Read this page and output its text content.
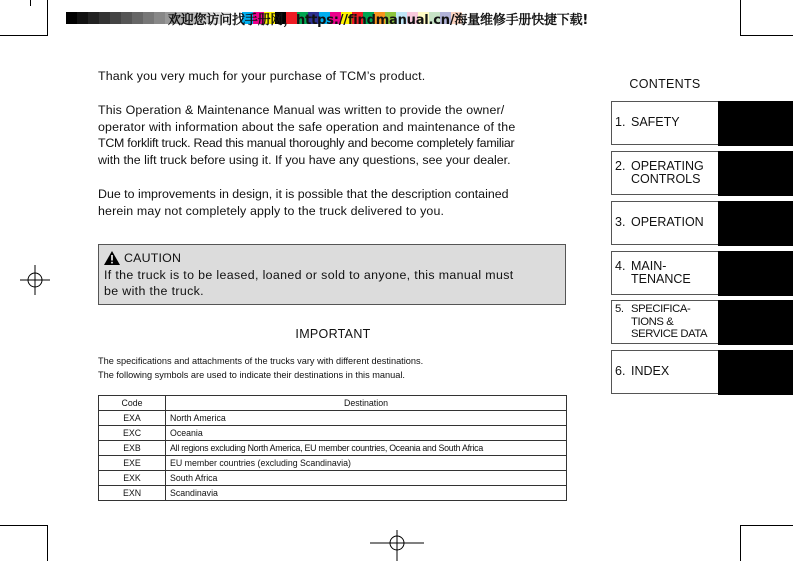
欢迎您访问找手册网，https://findmanual.cn/海量维修手册快捷下载!
Thank you very much for your purchase of TCM’s product.
This Operation & Maintenance Manual was written to provide the owner/
operator with information about the safe operation and maintenance of the
TCM forklift truck. Read this manual thoroughly and become completely familiar
with the lift truck before using it. If you have any questions, see your dealer.
Due to improvements in design, it is possible that the description contained
herein may not completely apply to the truck delivered to you.
CAUTION
If the truck is to be leased, loaned or sold to anyone, this manual must
be with the truck.
IMPORTANT
The specifications and attachments of the trucks vary with different destinations.
The following symbols are used to indicate their destinations in this manual.
Code	Destination
EXA	North America
EXC	Oceania
EXB	All regions excluding North America, EU member countries, Oceania and South Africa
EXE	EU member countries (excluding Scandinavia)
EXK	South Africa
EXN	Scandinavia
CONTENTS
1. SAFETY
2. OPERATING
CONTROLS
3. OPERATION
4. MAIN-
TENANCE
5. SPECIFICA-
TIONS &
SERVICE DATA
6. INDEX
